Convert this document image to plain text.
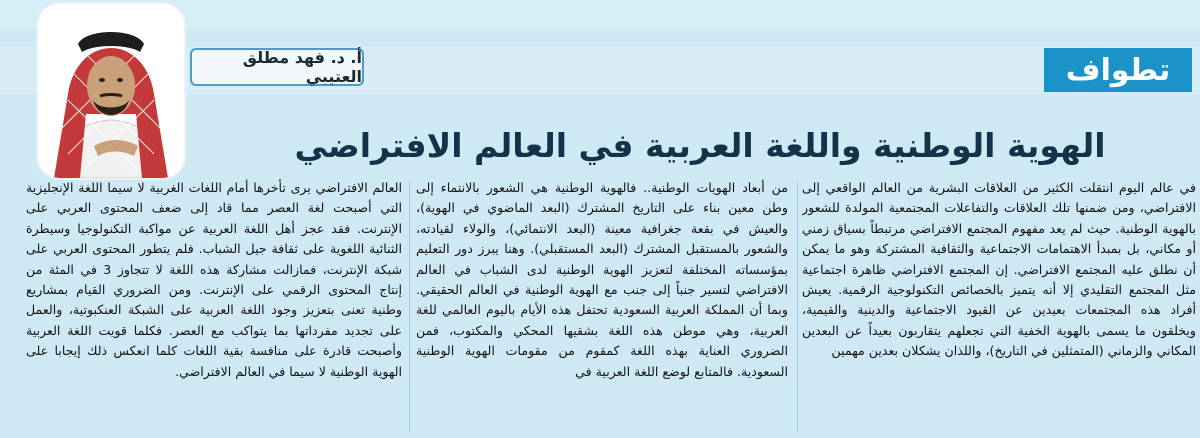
تطواف
أ. د. فهد مطلق العتيبي
الهوية الوطنية واللغة العربية في العالم الافتراضي
في عالم اليوم انتقلت الكثير من العلاقات البشرية من العالم الواقعي إلى الافتراضي، ومن ضمنها تلك العلاقات والتفاعلات المجتمعية المولدة للشعور بالهوية الوطنية. حيث لم يعد مفهوم المجتمع الافتراضي مرتبطاً بسياق زمني أو مكاني، بل بمبدأ الاهتمامات الاجتماعية والثقافية المشتركة وهو ما يمكن أن نطلق عليه المجتمع الافتراضي. إن المجتمع الافتراضي ظاهرة اجتماعية مثل المجتمع التقليدي إلا أنه يتميز بالخصائص التكنولوجية الرقمية. يعيش أفراد هذه المجتمعات بعيدين عن القيود الاجتماعية والدينية والقيمية، ويخلقون ما يسمى بالهوية الخفية التي تجعلهم يتقاربون بعيداً عن البعدين المكاني والزماني (المتمثلين في التاريخ)، واللذان يشكلان بعدين مهمين
من أبعاد الهويات الوطنية.. فالهوية الوطنية هي الشعور بالانتماء إلى وطن معين بناء على التاريخ المشترك (البعد الماضوي في الهوية)، والعيش في بقعة جغرافية معينة (البعد الانتمائي)، والولاء لقيادته، والشعور بالمستقبل المشترك (البعد المستقبلي). وهنا يبرز دور التعليم بمؤسساته المختلفة لتعزيز الهوية الوطنية لدى الشباب في العالم الافتراضي لتسير جنباً إلى جنب مع الهوية الوطنية في العالم الحقيقي. وبما أن المملكة العربية السعودية تحتفل هذه الأيام باليوم العالمي للغة العربية، وهي موطن هذه اللغة بشقيها المحكي والمكتوب، فمن الضروري العناية بهذه اللغة كمقوم من مقومات الهوية الوطنية السعودية. فالمتابع لوضع اللغة العربية في
العالم الافتراضي يرى تأخرها أمام اللغات الغربية لا سيما اللغة الإنجليزية التي أصبحت لغة العصر مما قاد إلى ضعف المحتوى العربي على الإنترنت. فقد عجز أهل اللغة العربية عن مواكبة التكنولوجيا وسيطرة الثنائية اللغوية على ثقافة جيل الشباب. فلم يتطور المحتوى العربي على شبكة الإنترنت، فمازالت مشاركة هذه اللغة لا تتجاوز 3 في المئة من إنتاج المحتوى الرقمي على الإنترنت. ومن الضروري القيام بمشاريع وطنية تعنى بتعزيز وجود اللغة العربية على الشبكة العنكبوتية، والعمل على تجديد مفرداتها بما يتواكب مع العصر. فكلما قويت اللغة العربية وأصبحت قادرة على منافسة بقية اللغات كلما انعكس ذلك إيجابا على الهوية الوطنية لا سيما في العالم الافتراضي.
